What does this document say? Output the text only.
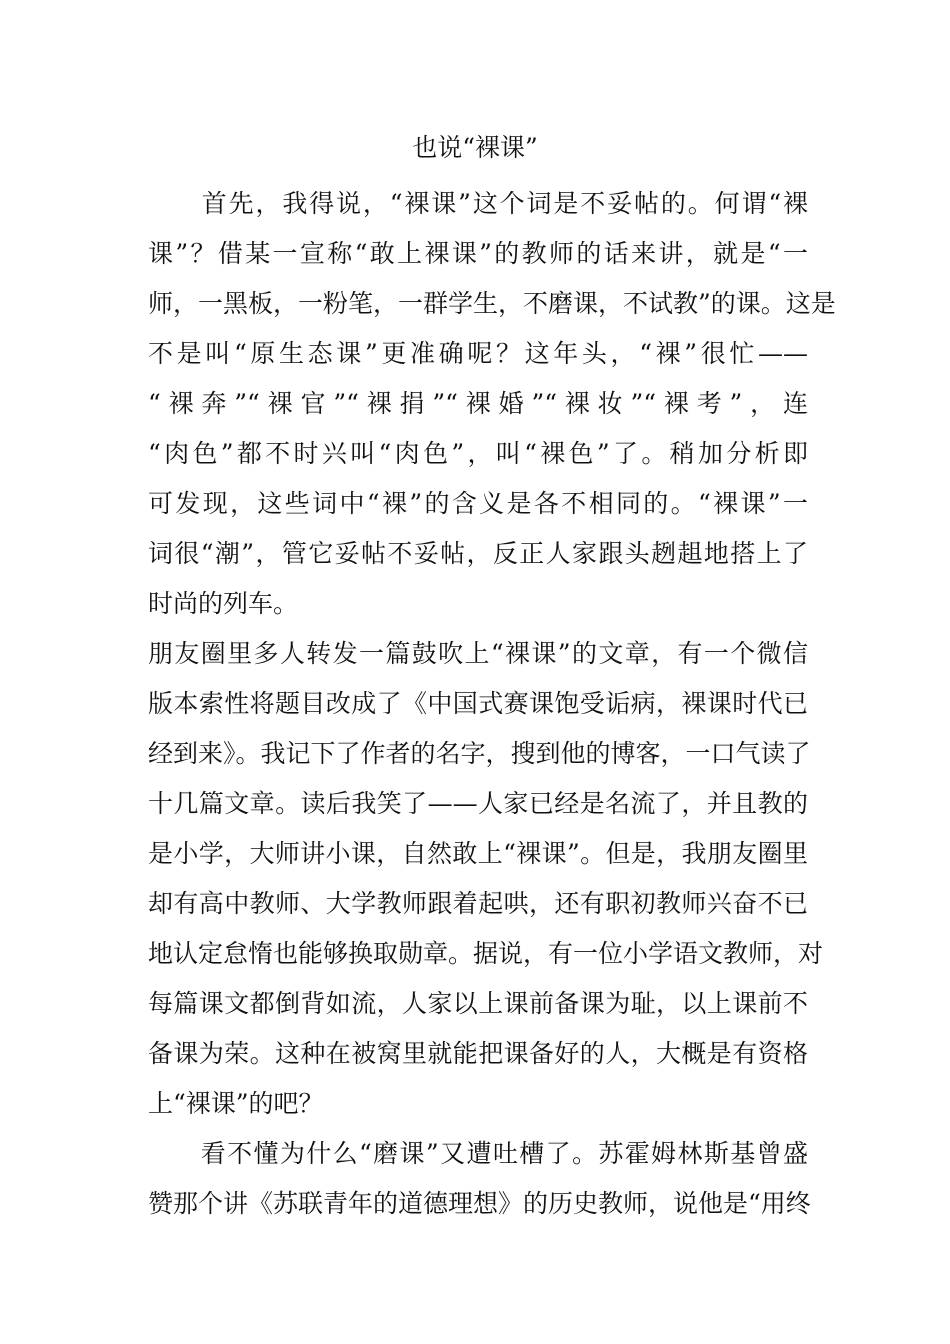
也说“裸课”
　　首先，我得说，“裸课”这个词是不妥帖的。何谓“裸
课”？借某一宣称“敢上裸课”的教师的话来讲，就是“一
师，一黑板，一粉笔，一群学生，不磨课，不试教”的课。这是
不是叫“原生态课”更准确呢？这年头，“裸”很忙——
“裸奔”“裸官”“裸捐”“裸婚”“裸妆”“裸考”，连
“肉色”都不时兴叫“肉色”，叫“裸色”了。稍加分析即
可发现，这些词中“裸”的含义是各不相同的。“裸课”一
词很“潮”，管它妥帖不妥帖，反正人家跟头趔趄地搭上了
时尚的列车。
朋友圈里多人转发一篇鼓吹上“裸课”的文章，有一个微信
版本索性将题目改成了《中国式赛课饱受诟病，裸课时代已
经到来》。我记下了作者的名字，搜到他的博客，一口气读了
十几篇文章。读后我笑了——人家已经是名流了，并且教的
是小学，大师讲小课，自然敢上“裸课”。但是，我朋友圈里
却有高中教师、大学教师跟着起哄，还有职初教师兴奋不已
地认定怠惰也能够换取勋章。据说，有一位小学语文教师，对
每篇课文都倒背如流，人家以上课前备课为耻，以上课前不
备课为荣。这种在被窝里就能把课备好的人，大概是有资格
上“裸课”的吧？
　　看不懂为什么“磨课”又遭吐槽了。苏霍姆林斯基曾盛
赞那个讲《苏联青年的道德理想》的历史教师，说他是“用终
